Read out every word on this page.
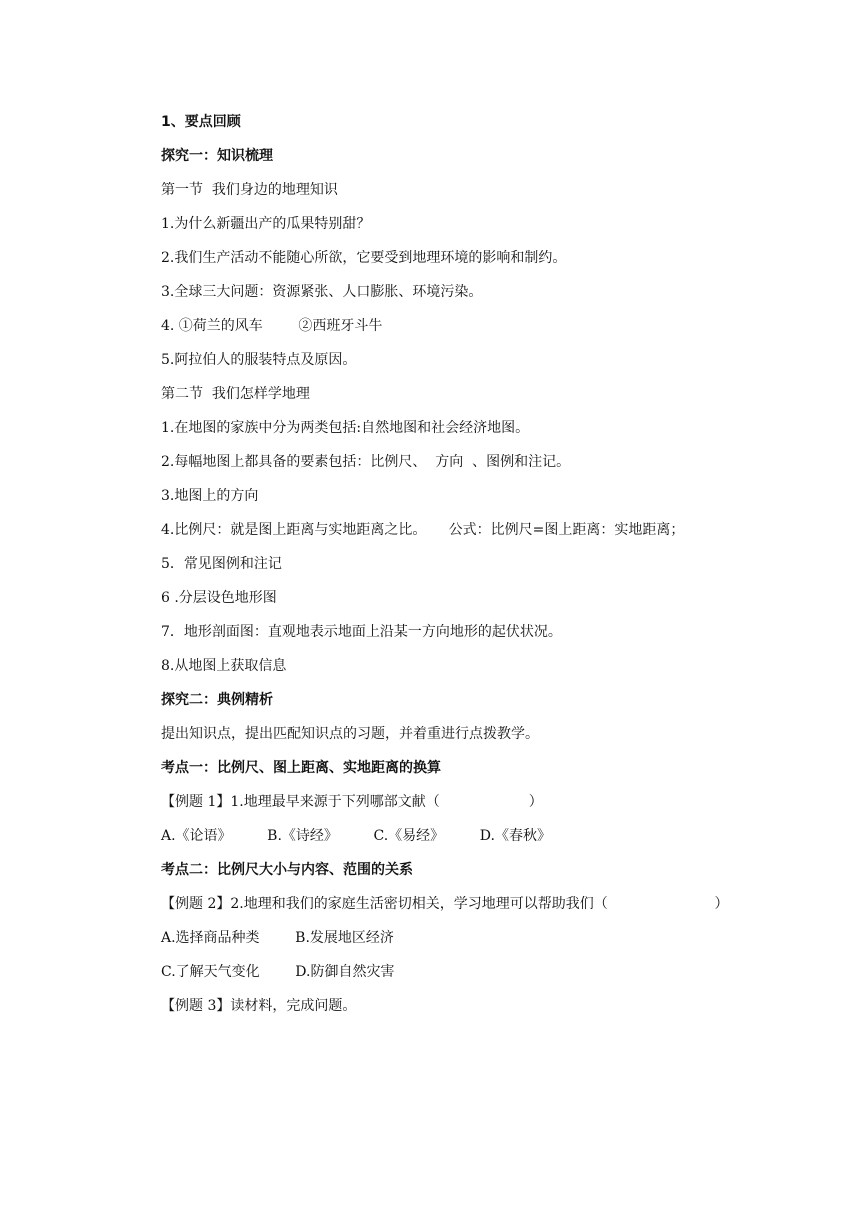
1、要点回顾
探究一：知识梳理
第一节  我们身边的地理知识
1.为什么新疆出产的瓜果特别甜？
2.我们生产活动不能随心所欲，它要受到地理环境的影响和制约。
3.全球三大问题：资源紧张、人口膨胀、环境污染。
4. ①荷兰的风车        ②西班牙斗牛
5.阿拉伯人的服装特点及原因。
第二节  我们怎样学地理
1.在地图的家族中分为两类包括:自然地图和社会经济地图。
2.每幅地图上都具备的要素包括：比例尺、  方向  、图例和注记。
3.地图上的方向
4.比例尺：就是图上距离与实地距离之比。     公式：比例尺=图上距离：实地距离；
5．常见图例和注记
6 .分层设色地形图
7．地形剖面图：直观地表示地面上沿某一方向地形的起伏状况。
8.从地图上获取信息
探究二：典例精析
提出知识点，提出匹配知识点的习题，并着重进行点拨教学。
考点一：比例尺、图上距离、实地距离的换算
【例题 1】1.地理最早来源于下列哪部文献（                    ）
A.《论语》        B.《诗经》        C.《易经》        D.《春秋》
考点二：比例尺大小与内容、范围的关系
【例题 2】2.地理和我们的家庭生活密切相关，学习地理可以帮助我们（                        ）
A.选择商品种类        B.发展地区经济
C.了解天气变化        D.防御自然灾害
【例题 3】读材料，完成问题。
